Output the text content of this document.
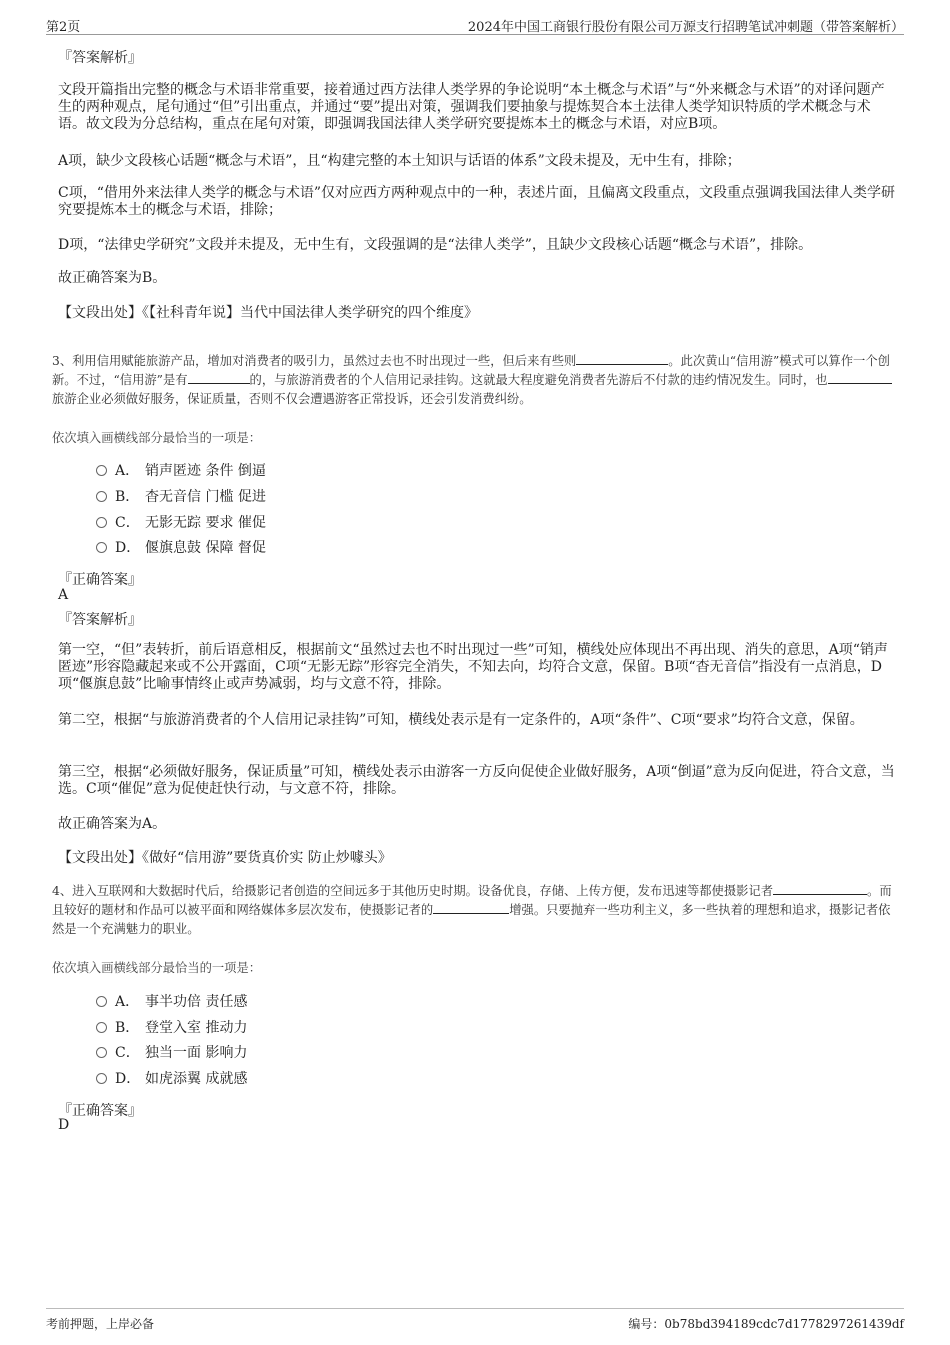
第2页	2024年中国工商银行股份有限公司万源支行招聘笔试冲刺题（带答案解析）
『答案解析』
文段开篇指出完整的概念与术语非常重要，接着通过西方法律人类学界的争论说明“本土概念与术语”与“外来概念与术语”的对译问题产生的两种观点，尾句通过“但”引出重点，并通过“要”提出对策，强调我们要抽象与提炼契合本土法律人类学知识特质的学术概念与术语。故文段为分总结构，重点在尾句对策，即强调我国法律人类学研究要提炼本土的概念与术语，对应B项。
A项，缺少文段核心话题“概念与术语”，且“构建完整的本土知识与话语的体系”文段未提及，无中生有，排除；
C项，“借用外来法律人类学的概念与术语”仅对应西方两种观点中的一种，表述片面，且偏离文段重点，文段重点强调我国法律人类学研究要提炼本土的概念与术语，排除；
D项，“法律史学研究”文段并未提及，无中生有，文段强调的是“法律人类学”，且缺少文段核心话题“概念与术语”，排除。
故正确答案为B。
【文段出处】《【社科青年说】当代中国法律人类学研究的四个维度》
3、利用信用赋能旅游产品，增加对消费者的吸引力，虽然过去也不时出现过一些，但后来有些则	。此次黄山“信用游”模式可以算作一个创新。不过，“信用游”是有	的，与旅游消费者的个人信用记录挂钩。这就最大程度避免消费者先游后不付款的违约情况发生。同时，也旅游企业必须做好服务，保证质量，否则不仅会遭遇游客正常投诉，还会引发消费纠纷。
依次填入画横线部分最恰当的一项是：
A． 销声匿迹 条件 倒逼
B． 杳无音信 门槛 促进
C． 无影无踪 要求 催促
D． 偃旗息鼓 保障 督促
『正确答案』
A
『答案解析』
第一空，“但”表转折，前后语意相反，根据前文“虽然过去也不时出现过一些”可知，横线处应体现出不再出现、消失的意思，A项“销声匿迹”形容隐藏起来或不公开露面，C项“无影无踪”形容完全消失，不知去向，均符合文意，保留。B项“杳无音信”指没有一点消息，D项“偃旗息鼓”比喻事情终止或声势减弱，均与文意不符，排除。
第二空，根据“与旅游消费者的个人信用记录挂钩”可知，横线处表示是有一定条件的，A项“条件”、C项“要求”均符合文意，保留。
第三空，根据“必须做好服务，保证质量”可知，横线处表示由游客一方反向促使企业做好服务，A项“倒逼”意为反向促进，符合文意，当选。C项“催促”意为促使赶快行动，与文意不符，排除。
故正确答案为A。
【文段出处】《做好“信用游”要货真价实 防止炒噱头》
4、进入互联网和大数据时代后，给摄影记者创造的空间远多于其他历史时期。设备优良，存储、上传方便，发布迅速等都使摄影记者	。而且较好的题材和作品可以被平面和网络媒体多层次发布，使摄影记者的	增强。只要抛弃一些功利主义，多一些执着的理想和追求，摄影记者依然是一个充满魅力的职业。
依次填入画横线部分最恰当的一项是：
A． 事半功倍 责任感
B． 登堂入室 推动力
C． 独当一面 影响力
D． 如虎添翼 成就感
『正确答案』
D
考前押题，上岸必备	编号：0b78bd394189cdc7d1778297261439df
